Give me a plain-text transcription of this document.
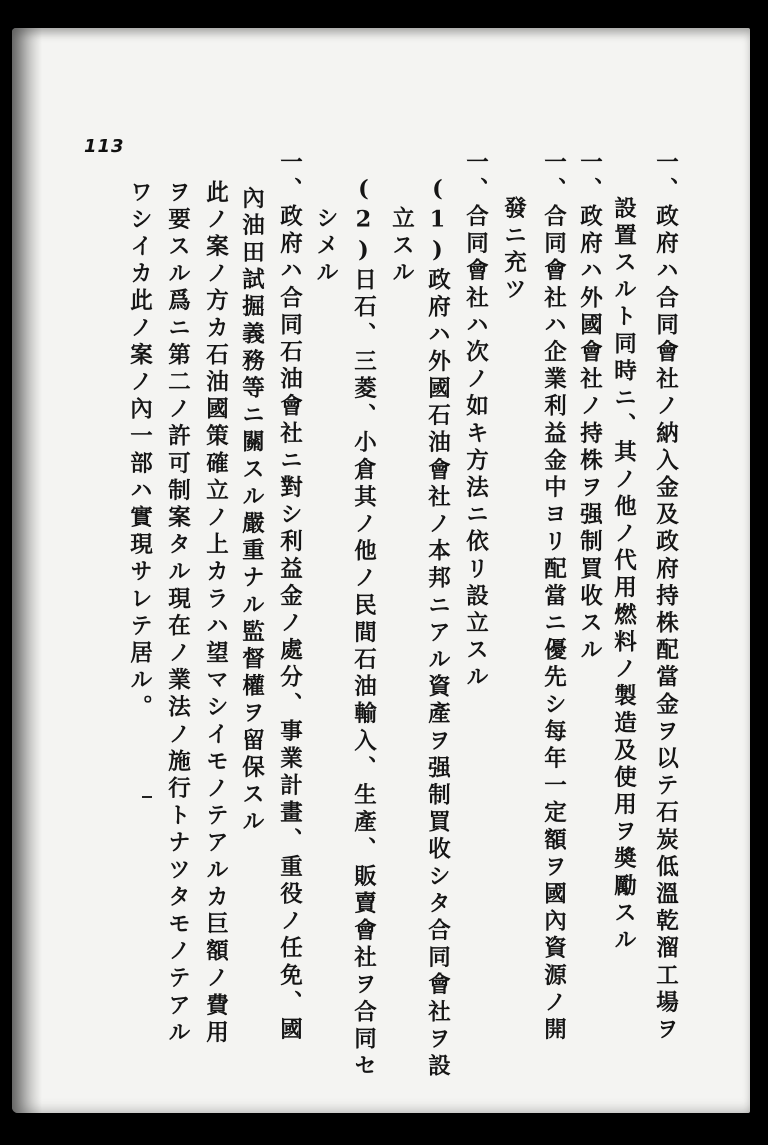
113
一、政府ハ合同會社ノ納入金及政府持株配當金ヲ以テ石炭低溫乾溜工場ヲ
設置スルト同時ニ、其ノ他ノ代用燃料ノ製造及使用ヲ奬勵スル
一、政府ハ外國會社ノ持株ヲ强制買收スル
一、合同會社ハ企業利益金中ヨリ配當ニ優先シ每年一定額ヲ國內資源ノ開
發ニ充ツ
一、合同會社ハ次ノ如キ方法ニ依リ設立スル
(1)政府ハ外國石油會社ノ本邦ニアル資產ヲ强制買收シタ合同會社ヲ設
立スル
(2)日石、三菱、小倉其ノ他ノ民間石油輸入、生產、販賣會社ヲ合同セ
シメル
一、政府ハ合同石油會社ニ對シ利益金ノ處分、事業計畫、重役ノ任免、國
內油田試掘義務等ニ關スル嚴重ナル監督權ヲ留保スル
此ノ案ノ方カ石油國策確立ノ上カラハ望マシイモノテアルカ巨額ノ費用
ヲ要スル爲ニ第二ノ許可制案タル現在ノ業法ノ施行トナツタモノテアル
ワシイカ此ノ案ノ內一部ハ實現サレテ居ル。
